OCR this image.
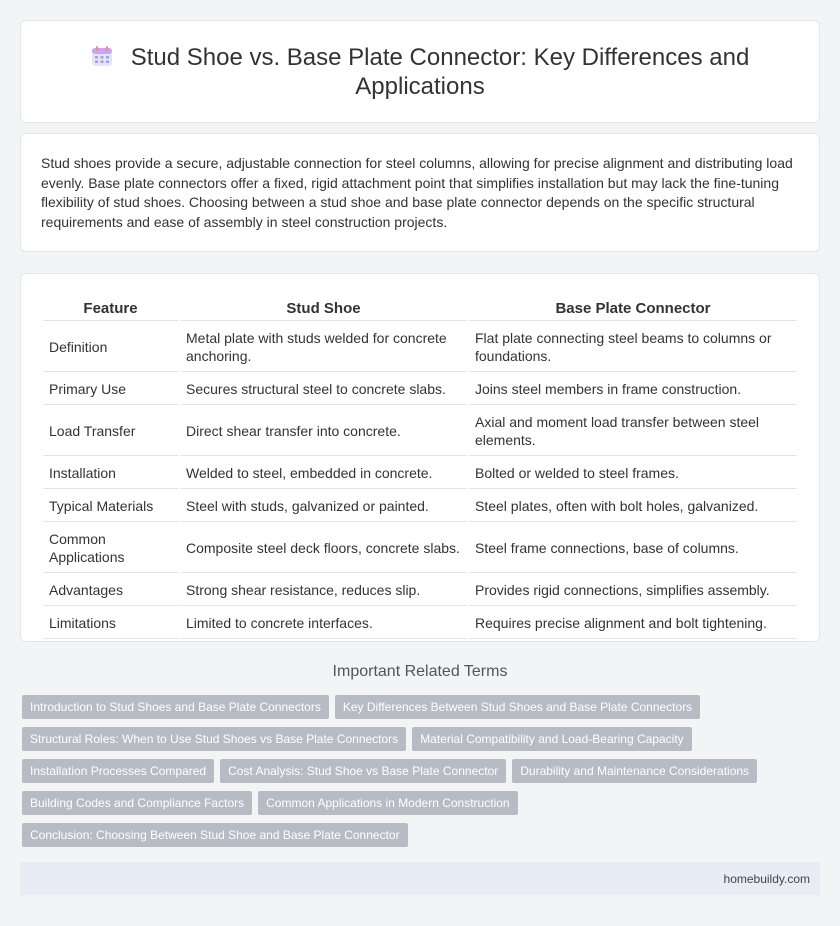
Stud Shoe vs. Base Plate Connector: Key Differences and Applications

Stud shoes provide a secure, adjustable connection for steel columns, allowing for precise alignment and distributing load evenly. Base plate connectors offer a fixed, rigid attachment point that simplifies installation but may lack the fine-tuning flexibility of stud shoes. Choosing between a stud shoe and base plate connector depends on the specific structural requirements and ease of assembly in steel construction projects.

Feature	Stud Shoe	Base Plate Connector
Definition	Metal plate with studs welded for concrete anchoring.	Flat plate connecting steel beams to columns or foundations.
Primary Use	Secures structural steel to concrete slabs.	Joins steel members in frame construction.
Load Transfer	Direct shear transfer into concrete.	Axial and moment load transfer between steel elements.
Installation	Welded to steel, embedded in concrete.	Bolted or welded to steel frames.
Typical Materials	Steel with studs, galvanized or painted.	Steel plates, often with bolt holes, galvanized.
Common Applications	Composite steel deck floors, concrete slabs.	Steel frame connections, base of columns.
Advantages	Strong shear resistance, reduces slip.	Provides rigid connections, simplifies assembly.
Limitations	Limited to concrete interfaces.	Requires precise alignment and bolt tightening.
Important Related Terms
Introduction to Stud Shoes and Base Plate Connectors Key Differences Between Stud Shoes and Base Plate Connectors
Structural Roles: When to Use Stud Shoes vs Base Plate Connectors Material Compatibility and Load-Bearing Capacity
Installation Processes Compared Cost Analysis: Stud Shoe vs Base Plate Connector Durability and Maintenance Considerations
Building Codes and Compliance Factors Common Applications in Modern Construction
Conclusion: Choosing Between Stud Shoe and Base Plate Connector
homebuildy.com
